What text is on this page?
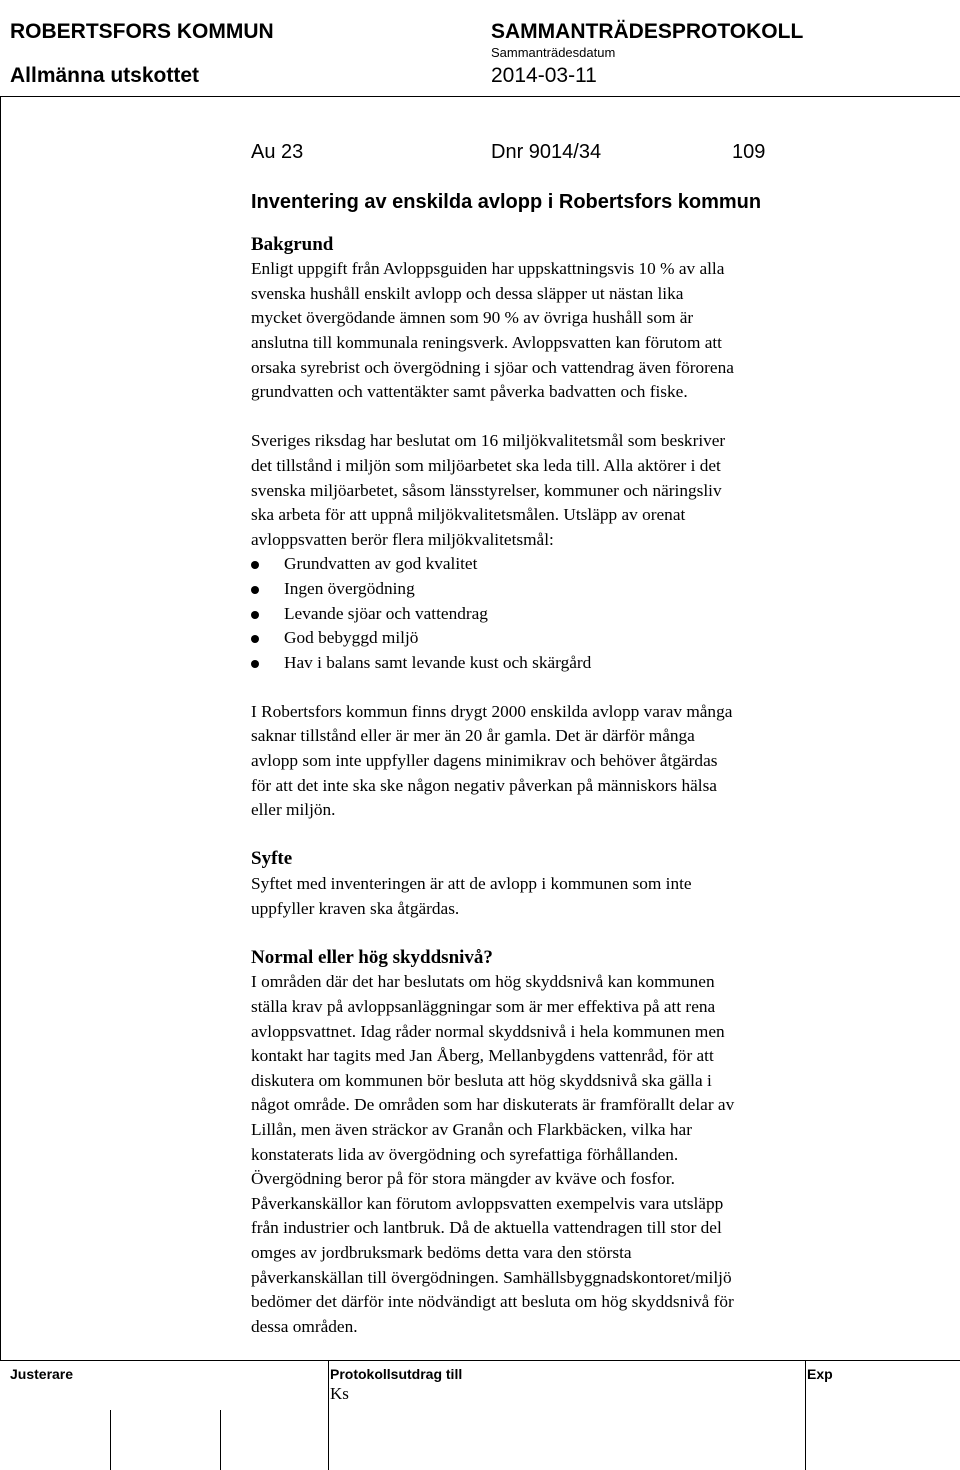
ROBERTSFORS KOMMUN	SAMMANTRÄDESPROTOKOLL
Sammanträdesdatum
Allmänna utskottet	2014-03-11
Au 23	Dnr 9014/34	109
Inventering av enskilda avlopp i Robertsfors kommun
Bakgrund

Enligt uppgift från Avloppsguiden har uppskattningsvis 10 % av alla
svenska hushåll enskilt avlopp och dessa släpper ut nästan lika
mycket övergödande ämnen som 90 % av övriga hushåll som är
anslutna till kommunala reningsverk. Avloppsvatten kan förutom att
orsaka syrebrist och övergödning i sjöar och vattendrag även förorena
grundvatten och vattentäkter samt påverka badvatten och fiske.

Sveriges riksdag har beslutat om 16 miljökvalitetsmål som beskriver
det tillstånd i miljön som miljöarbetet ska leda till. Alla aktörer i det
svenska miljöarbetet, såsom länsstyrelser, kommuner och näringsliv
ska arbeta för att uppnå miljökvalitetsmålen. Utsläpp av orenat
avloppsvatten berör flera miljökvalitetsmål:

Grundvatten av god kvalitet
Ingen övergödning
Levande sjöar och vattendrag
God bebyggd miljö
Hav i balans samt levande kust och skärgård

I Robertsfors kommun finns drygt 2000 enskilda avlopp varav många
saknar tillstånd eller är mer än 20 år gamla. Det är därför många
avlopp som inte uppfyller dagens minimikrav och behöver åtgärdas
för att det inte ska ske någon negativ påverkan på människors hälsa
eller miljön.

Syfte

Syftet med inventeringen är att de avlopp i kommunen som inte
uppfyller kraven ska åtgärdas.

Normal eller hög skyddsnivå?

I områden där det har beslutats om hög skyddsnivå kan kommunen
ställa krav på avloppsanläggningar som är mer effektiva på att rena
avloppsvattnet. Idag råder normal skyddsnivå i hela kommunen men
kontakt har tagits med Jan Åberg, Mellanbygdens vattenråd, för att
diskutera om kommunen bör besluta att hög skyddsnivå ska gälla i
något område. De områden som har diskuterats är framförallt delar av
Lillån, men även sträckor av Granån och Flarkbäcken, vilka har
konstaterats lida av övergödning och syrefattiga förhållanden.
Övergödning beror på för stora mängder av kväve och fosfor.
Påverkanskällor kan förutom avloppsvatten exempelvis vara utsläpp
från industrier och lantbruk. Då de aktuella vattendragen till stor del
omges av jordbruksmark bedöms detta vara den största
påverkanskällan till övergödningen. Samhällsbyggnadskontoret/miljö
bedömer det därför inte nödvändigt att besluta om hög skyddsnivå för
dessa områden.

Justerare	Protokollsutdrag till
Ks
Exp
